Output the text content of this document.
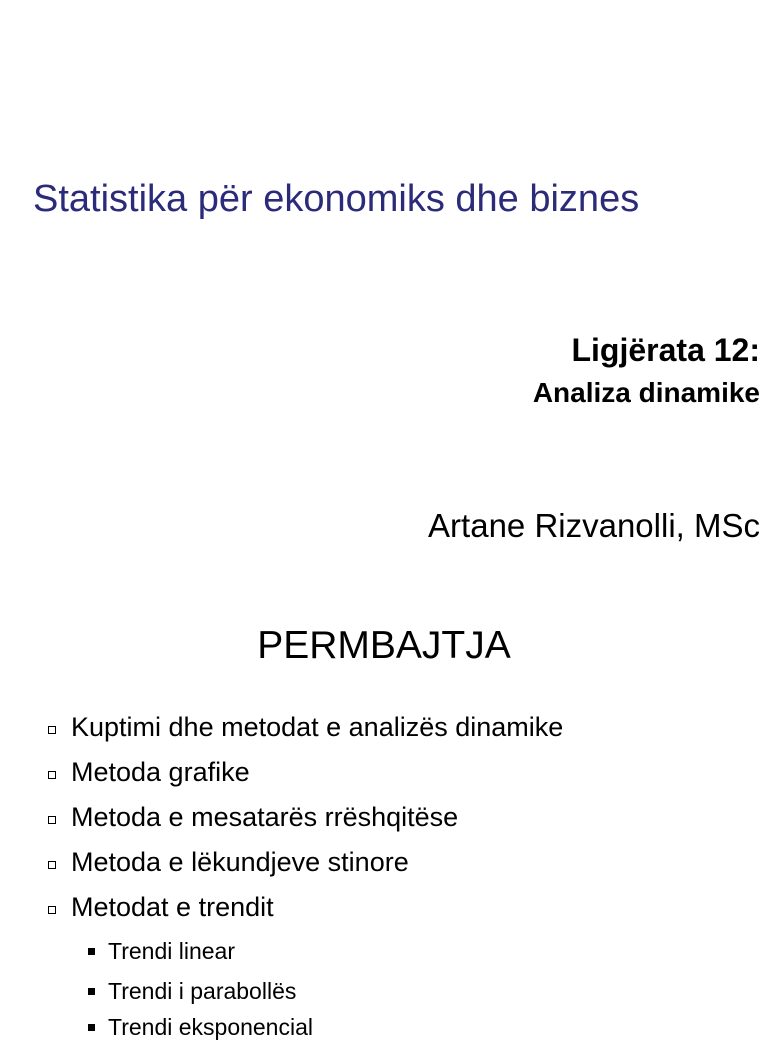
Statistika për ekonomiks dhe biznes
Ligjërata 12:
Analiza dinamike
Artane Rizvanolli, MSc
PERMBAJTJA
Kuptimi dhe metodat e analizës dinamike
Metoda grafike
Metoda e mesatarës rrëshqitëse
Metoda e lëkundjeve stinore
Metodat e trendit
Trendi linear
Trendi i parabollës
Trendi eksponencial
